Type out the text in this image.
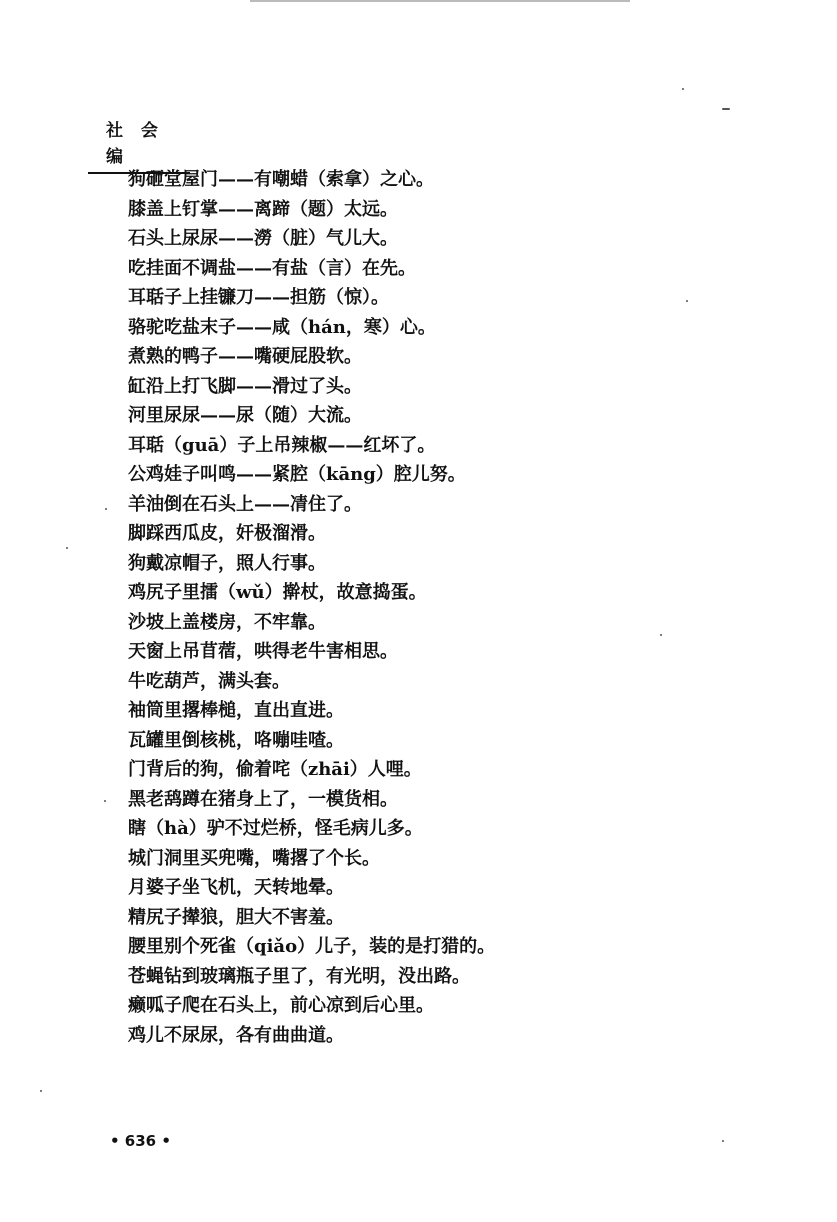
社 会 编
狗砸堂屋门——有嘲蜡（索拿）之心。
膝盖上钉掌——离蹄（题）太远。
石头上尿尿——澇（脏）气儿大。
吃挂面不调盐——有盐（言）在先。
耳聒子上挂镰刀——担筋（惊）。
骆驼吃盐末子——咸（hán，寒）心。
煮熟的鸭子——嘴硬屁股软。
缸沿上打飞脚——滑过了头。
河里尿尿——尿（随）大流。
耳聒（guā）子上吊辣椒——红坏了。
公鸡娃子叫鸣——紧腔（kāng）腔儿努。
羊油倒在石头上——凊住了。
脚踩西瓜皮，奸极溜滑。
狗戴凉帽子，照人行事。
鸡尻子里擂（wǔ）擀杖，故意捣蛋。
沙坡上盖楼房，不牢靠。
天窗上吊苜蓿，哄得老牛害相思。
牛吃葫芦，满头套。
袖筒里撂棒槌，直出直进。
瓦罐里倒核桃，咯嘣哇喳。
门背后的狗，偷着咤（zhāi）人哩。
黑老鸹蹲在猪身上了，一模货相。
瞎（hà）驴不过烂桥，怪毛病儿多。
城门洞里买兜嘴，嘴撂了个长。
月婆子坐飞机，天转地晕。
精尻子撵狼，胆大不害羞。
腰里别个死雀（qiǎo）儿子，装的是打猎的。
苍蝇钻到玻璃瓶子里了，有光明，没出路。
癞呱子爬在石头上，前心凉到后心里。
鸡儿不尿尿，各有曲曲道。
• 636 •
